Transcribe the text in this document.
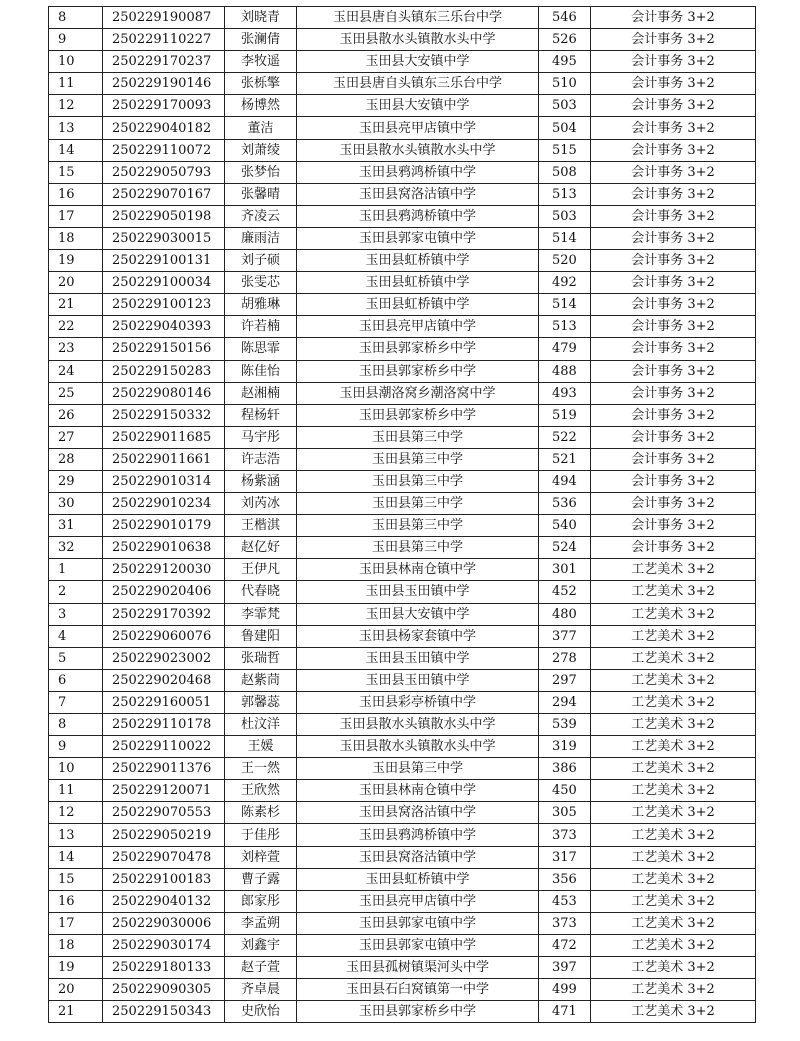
8	250229190087	刘晓青	玉田县唐自头镇东三乐台中学	546	会计事务 3+2
9	250229110227	张澜倩	玉田县散水头镇散水头中学	526	会计事务 3+2
10	250229170237	李牧遥	玉田县大安镇中学	495	会计事务 3+2
11	250229190146	张栎擎	玉田县唐自头镇东三乐台中学	510	会计事务 3+2
12	250229170093	杨博然	玉田县大安镇中学	503	会计事务 3+2
13	250229040182	董洁	玉田县亮甲店镇中学	504	会计事务 3+2
14	250229110072	刘萧绫	玉田县散水头镇散水头中学	515	会计事务 3+2
15	250229050793	张梦怡	玉田县鸦鸿桥镇中学	508	会计事务 3+2
16	250229070167	张馨晴	玉田县窝洛沽镇中学	513	会计事务 3+2
17	250229050198	齐凌云	玉田县鸦鸿桥镇中学	503	会计事务 3+2
18	250229030015	廉雨洁	玉田县郭家屯镇中学	514	会计事务 3+2
19	250229100131	刘子硕	玉田县虹桥镇中学	520	会计事务 3+2
20	250229100034	张雯芯	玉田县虹桥镇中学	492	会计事务 3+2
21	250229100123	胡雅琳	玉田县虹桥镇中学	514	会计事务 3+2
22	250229040393	许若楠	玉田县亮甲店镇中学	513	会计事务 3+2
23	250229150156	陈思霏	玉田县郭家桥乡中学	479	会计事务 3+2
24	250229150283	陈佳怡	玉田县郭家桥乡中学	488	会计事务 3+2
25	250229080146	赵湘楠	玉田县潮洛窝乡潮洛窝中学	493	会计事务 3+2
26	250229150332	程杨轩	玉田县郭家桥乡中学	519	会计事务 3+2
27	250229011685	马宇彤	玉田县第三中学	522	会计事务 3+2
28	250229011661	许志浩	玉田县第三中学	521	会计事务 3+2
29	250229010314	杨紫涵	玉田县第三中学	494	会计事务 3+2
30	250229010234	刘芮冰	玉田县第三中学	536	会计事务 3+2
31	250229010179	王楷淇	玉田县第三中学	540	会计事务 3+2
32	250229010638	赵亿好	玉田县第三中学	524	会计事务 3+2
1	250229120030	王伊凡	玉田县林南仓镇中学	301	工艺美术 3+2
2	250229020406	代春晓	玉田县玉田镇中学	452	工艺美术 3+2
3	250229170392	李霏梵	玉田县大安镇中学	480	工艺美术 3+2
4	250229060076	鲁建阳	玉田县杨家套镇中学	377	工艺美术 3+2
5	250229023002	张瑞哲	玉田县玉田镇中学	278	工艺美术 3+2
6	250229020468	赵紫茼	玉田县玉田镇中学	297	工艺美术 3+2
7	250229160051	郭馨蕊	玉田县彩亭桥镇中学	294	工艺美术 3+2
8	250229110178	杜汶洋	玉田县散水头镇散水头中学	539	工艺美术 3+2
9	250229110022	王媛	玉田县散水头镇散水头中学	319	工艺美术 3+2
10	250229011376	王一然	玉田县第三中学	386	工艺美术 3+2
11	250229120071	王欣然	玉田县林南仓镇中学	450	工艺美术 3+2
12	250229070553	陈素杉	玉田县窝洛沽镇中学	305	工艺美术 3+2
13	250229050219	于佳彤	玉田县鸦鸿桥镇中学	373	工艺美术 3+2
14	250229070478	刘梓萱	玉田县窝洛沽镇中学	317	工艺美术 3+2
15	250229100183	曹子露	玉田县虹桥镇中学	356	工艺美术 3+2
16	250229040132	郎家彤	玉田县亮甲店镇中学	453	工艺美术 3+2
17	250229030006	李孟朔	玉田县郭家屯镇中学	373	工艺美术 3+2
18	250229030174	刘鑫宇	玉田县郭家屯镇中学	472	工艺美术 3+2
19	250229180133	赵子萱	玉田县孤树镇渠河头中学	397	工艺美术 3+2
20	250229090305	齐卓晨	玉田县石臼窝镇第一中学	499	工艺美术 3+2
21	250229150343	史欣怡	玉田县郭家桥乡中学	471	工艺美术 3+2
